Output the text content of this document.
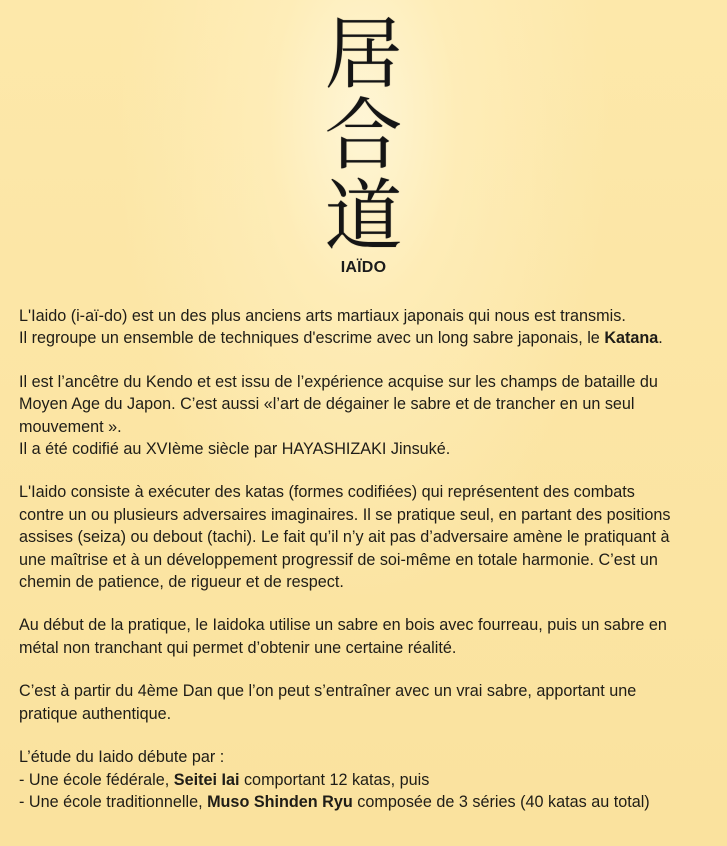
居
合
道
IAÏDO

L'Iaido (i-aï-do) est un des plus anciens arts martiaux japonais qui nous est transmis.
Il regroupe un ensemble de techniques d'escrime avec un long sabre japonais, le Katana.

Il est l’ancêtre du Kendo et est issu de l’expérience acquise sur les champs de bataille du
Moyen Age du Japon. C’est aussi «l’art de dégainer le sabre et de trancher en un seul
mouvement ».
Il a été codifié au XVIème siècle par HAYASHIZAKI Jinsuké.

L'Iaido consiste à exécuter des katas (formes codifiées) qui représentent des combats
contre un ou plusieurs adversaires imaginaires. Il se pratique seul, en partant des positions
assises (seiza) ou debout (tachi). Le fait qu’il n’y ait pas d’adversaire amène le pratiquant à
une maîtrise et à un développement progressif de soi-même en totale harmonie. C’est un
chemin de patience, de rigueur et de respect.

Au début de la pratique, le Iaidoka utilise un sabre en bois avec fourreau, puis un sabre en
métal non tranchant qui permet d’obtenir une certaine réalité.

C’est à partir du 4ème Dan que l’on peut s’entraîner avec un vrai sabre, apportant une
pratique authentique.

L’étude du Iaido débute par :
- Une école fédérale, Seitei Iai comportant 12 katas, puis
- Une école traditionnelle, Muso Shinden Ryu composée de 3 séries (40 katas au total)
